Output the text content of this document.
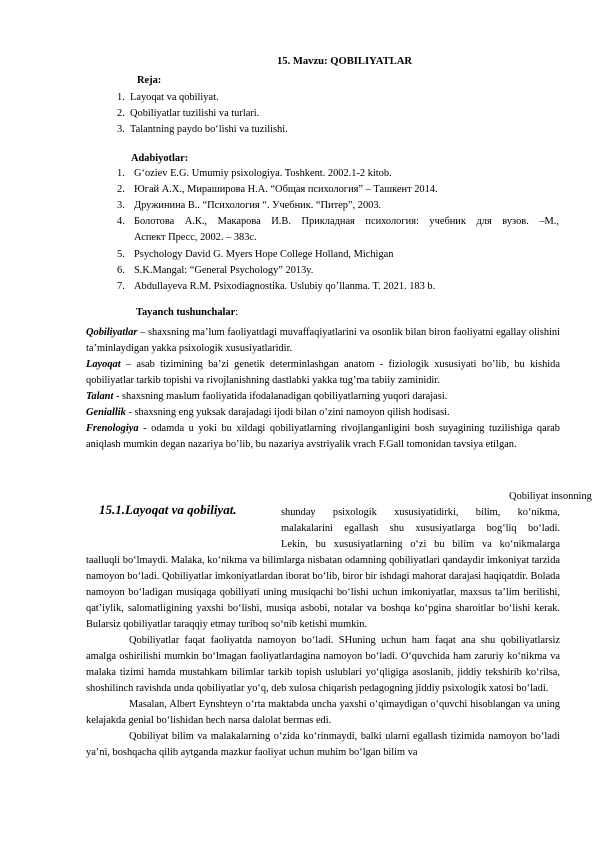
15. Mavzu: QOBILIYATLAR
Reja:
1. Layoqat va qobiliyat.
2. Qobiliyatlar tuzilishi va turlari.
3. Talantning paydo bo‘lishi va tuzilishi.
Adabiyotlar:
1. G‘oziev E.G. Umumiy psixologiya. Toshkent. 2002.1-2 kitob.
2. Югай А.Х., Мираширова Н.А. “Общая психология” – Ташкент 2014.
3. Дружинина В.. “Психология “. Учебник. “Питер”, 2003.
4. Болотова А.К., Макарова И.В. Прикладная психология: учебник для вузов. –М.,
Аспект Пресс, 2002. – 383с.
5. Psychology David G. Myers Hope College Holland, Michigan
6. S.K.Mangal: “General Psychology” 2013y.
7. Abdullayeva R.M. Psixodiagnostika. Uslubiy qo’llanma. T. 2021. 183 b.
Tayanch tushunchalar:
Qobiliyatlar – shaxsning ma’lum faoliyatdagi muvaffaqiyatlarini va osonlik bilan biron faoliyatni egallay olishini ta’minlaydigan yakka psixologik xususiyatlaridir.
Layoqat – asab tizimining ba’zi genetik determinlashgan anatom - fiziologik xususiyati bo’lib, bu kishida qobiliyatlar tarkib topishi va rivojlanishning dastlabki yakka tug’ma tabiiy zaminidir.
Talant - shaxsning maьlum faoliyatida ifodalanadigan qobiliyatlarning yuqori darajasi.
Geniallik - shaxsning eng yuksak darajadagi ijodi bilan o’zini namoyon qilish hodisasi.
Frenologiya - odamda u yoki bu xildagi qobiliyatlarning rivojlanganligini bosh suyagining tuzilishiga qarab aniqlash mumkin degan nazariya bo’lib, bu nazariya avstriyalik vrach F.Gall tomonidan tavsiya etilgan.
Qobiliyat insonning
15.1.Layoqat va qobiliyat.	shunday psixologik xususiyatidirki, bilim, ko‘nikma,
malakalarini egallash shu xususiyatlarga bog‘liq bo‘ladi.
Lekin, bu xususiyatlarning o‘zi bu bilim va ko‘nikmalarga
taalluqli bo‘lmaydi. Malaka, ko‘nikma va bilimlarga nisbatan odamning qobiliyatlari qandaydir imkoniyat tarzida namoyon bo‘ladi. Qobiliyatlar imkoniyatlardan iborat bo‘lib, biror bir ishdagi mahorat darajasi haqiqatdir. Bolada namoyon bo‘ladigan musiqaga qobiliyati uning musiqachi bo‘lishi uchun imkoniyatlar, maxsus ta’lim berilishi, qat’iylik, salomatligining yaxshi bo‘lishi, musiqa asbobi, notalar va boshqa ko‘pgina sharoitlar bo‘lishi kerak. Bularsiz qobiliyatlar taraqqiy etmay turiboq so‘nib ketishi mumkin.
Qobiliyatlar faqat faoliyatda namoyon bo‘ladi. SHuning uchun ham faqat ana shu qobiliyatlarsiz amalga oshirilishi mumkin bo‘lmagan faoliyatlardagina namoyon bo‘ladi. O‘quvchida ham zaruriy ko‘nikma va malaka tizimi hamda mustahkam bilimlar tarkib topish uslublari yo‘qligiga asoslanib, jiddiy tekshirib ko‘rilsa, shoshilinch ravishda unda qobiliyatlar yo‘q, deb xulosa chiqarish pedagogning jiddiy psixologik xatosi bo‘ladi.
Masalan, Albert Eynshteyn o‘rta maktabda uncha yaxshi o‘qimaydigan o‘quvchi hisoblangan va uning kelajakda genial bo‘lishidan hech narsa dalolat bermas edi.
Qobiliyat bilim va malakalarning o‘zida ko‘rinmaydi, balki ularni egallash tizimida namoyon bo‘ladi ya’ni, boshqacha qilib aytganda mazkur faoliyat uchun muhim bo‘lgan bilim va
